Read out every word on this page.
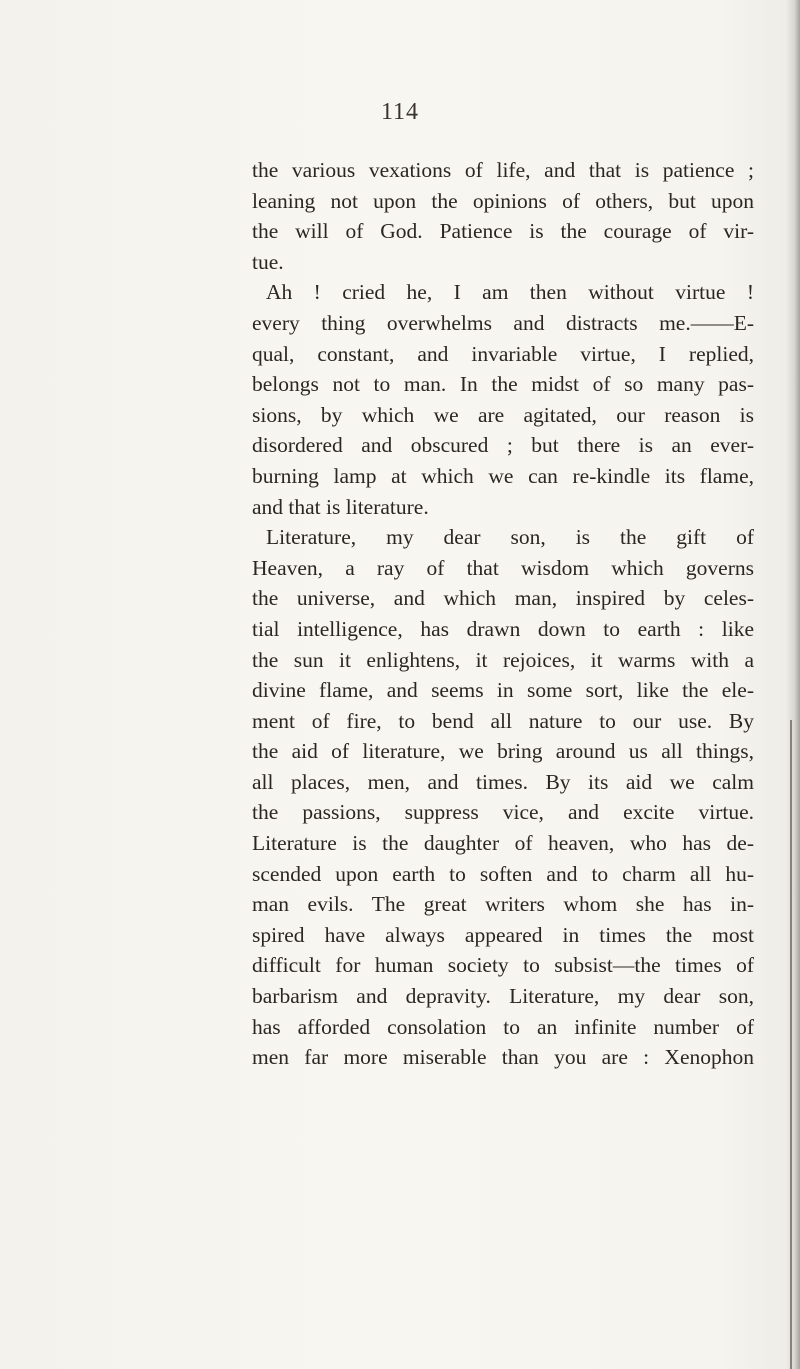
114
the various vexations of life, and that is patience ;
leaning not upon the opinions of others, but upon
the will of God. Patience is the courage of vir-
tue.
Ah ! cried he, I am then without virtue !
every thing overwhelms and distracts me.——E-
qual, constant, and invariable virtue, I replied,
belongs not to man. In the midst of so many pas-
sions, by which we are agitated, our reason is
disordered and obscured ; but there is an ever-
burning lamp at which we can re-kindle its flame,
and that is literature.
Literature, my dear son, is the gift of
Heaven, a ray of that wisdom which governs
the universe, and which man, inspired by celes-
tial intelligence, has drawn down to earth : like
the sun it enlightens, it rejoices, it warms with a
divine flame, and seems in some sort, like the ele-
ment of fire, to bend all nature to our use. By
the aid of literature, we bring around us all things,
all places, men, and times. By its aid we calm
the passions, suppress vice, and excite virtue.
Literature is the daughter of heaven, who has de-
scended upon earth to soften and to charm all hu-
man evils. The great writers whom she has in-
spired have always appeared in times the most
difficult for human society to subsist—the times of
barbarism and depravity. Literature, my dear son,
has afforded consolation to an infinite number of
men far more miserable than you are : Xenophon
